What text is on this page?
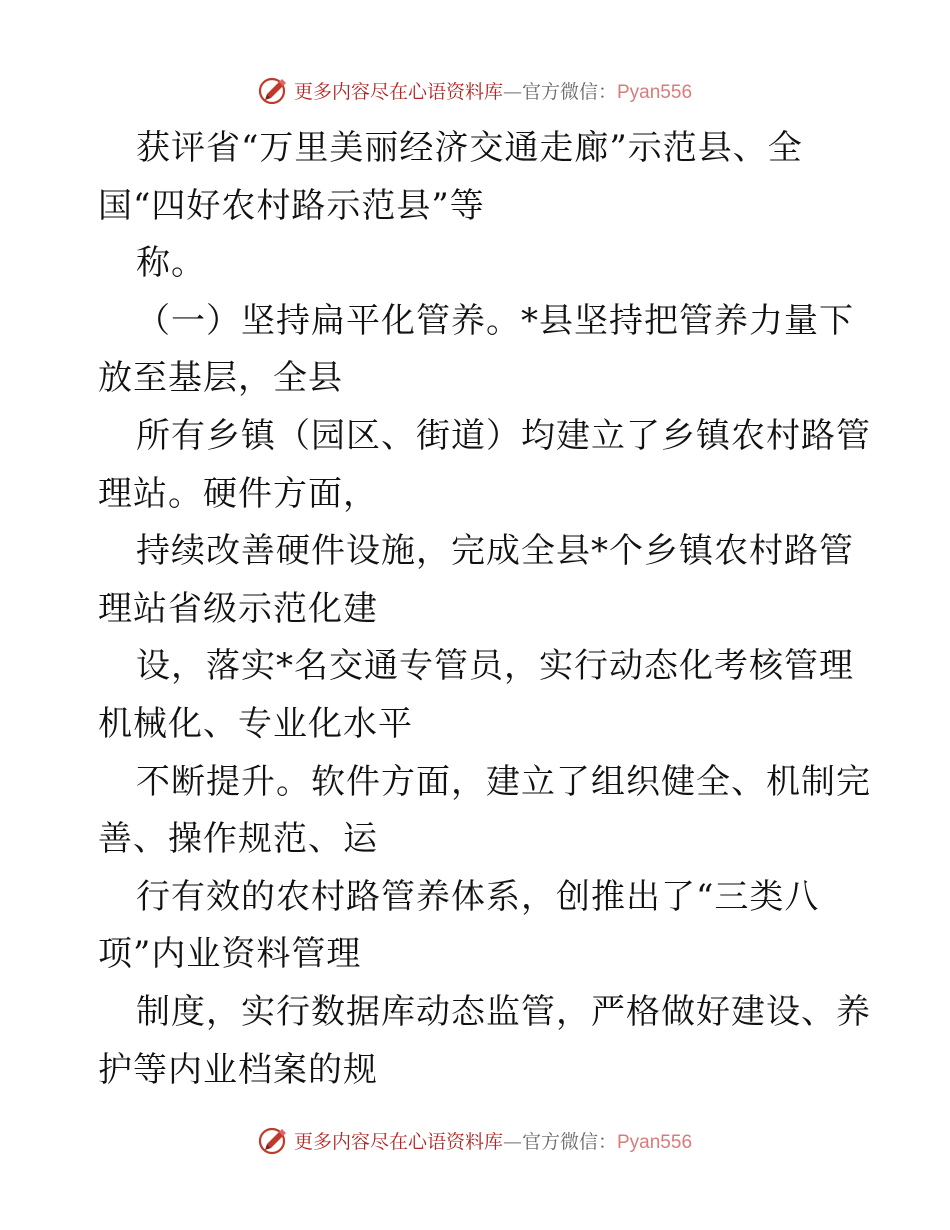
更多内容尽在心语资料库—官方微信：Pyan556
获评省“万里美丽经济交通走廊”示范县、全
国“四好农村路示范县”等
称。
（一）坚持扁平化管养。*县坚持把管养力量下
放至基层，全县
所有乡镇（园区、街道）均建立了乡镇农村路管
理站。硬件方面，
持续改善硬件设施，完成全县*个乡镇农村路管
理站省级示范化建
设，落实*名交通专管员，实行动态化考核管理
机械化、专业化水平
不断提升。软件方面，建立了组织健全、机制完
善、操作规范、运
行有效的农村路管养体系，创推出了“三类八
项”内业资料管理
制度，实行数据库动态监管，严格做好建设、养
护等内业档案的规
更多内容尽在心语资料库—官方微信：Pyan556
